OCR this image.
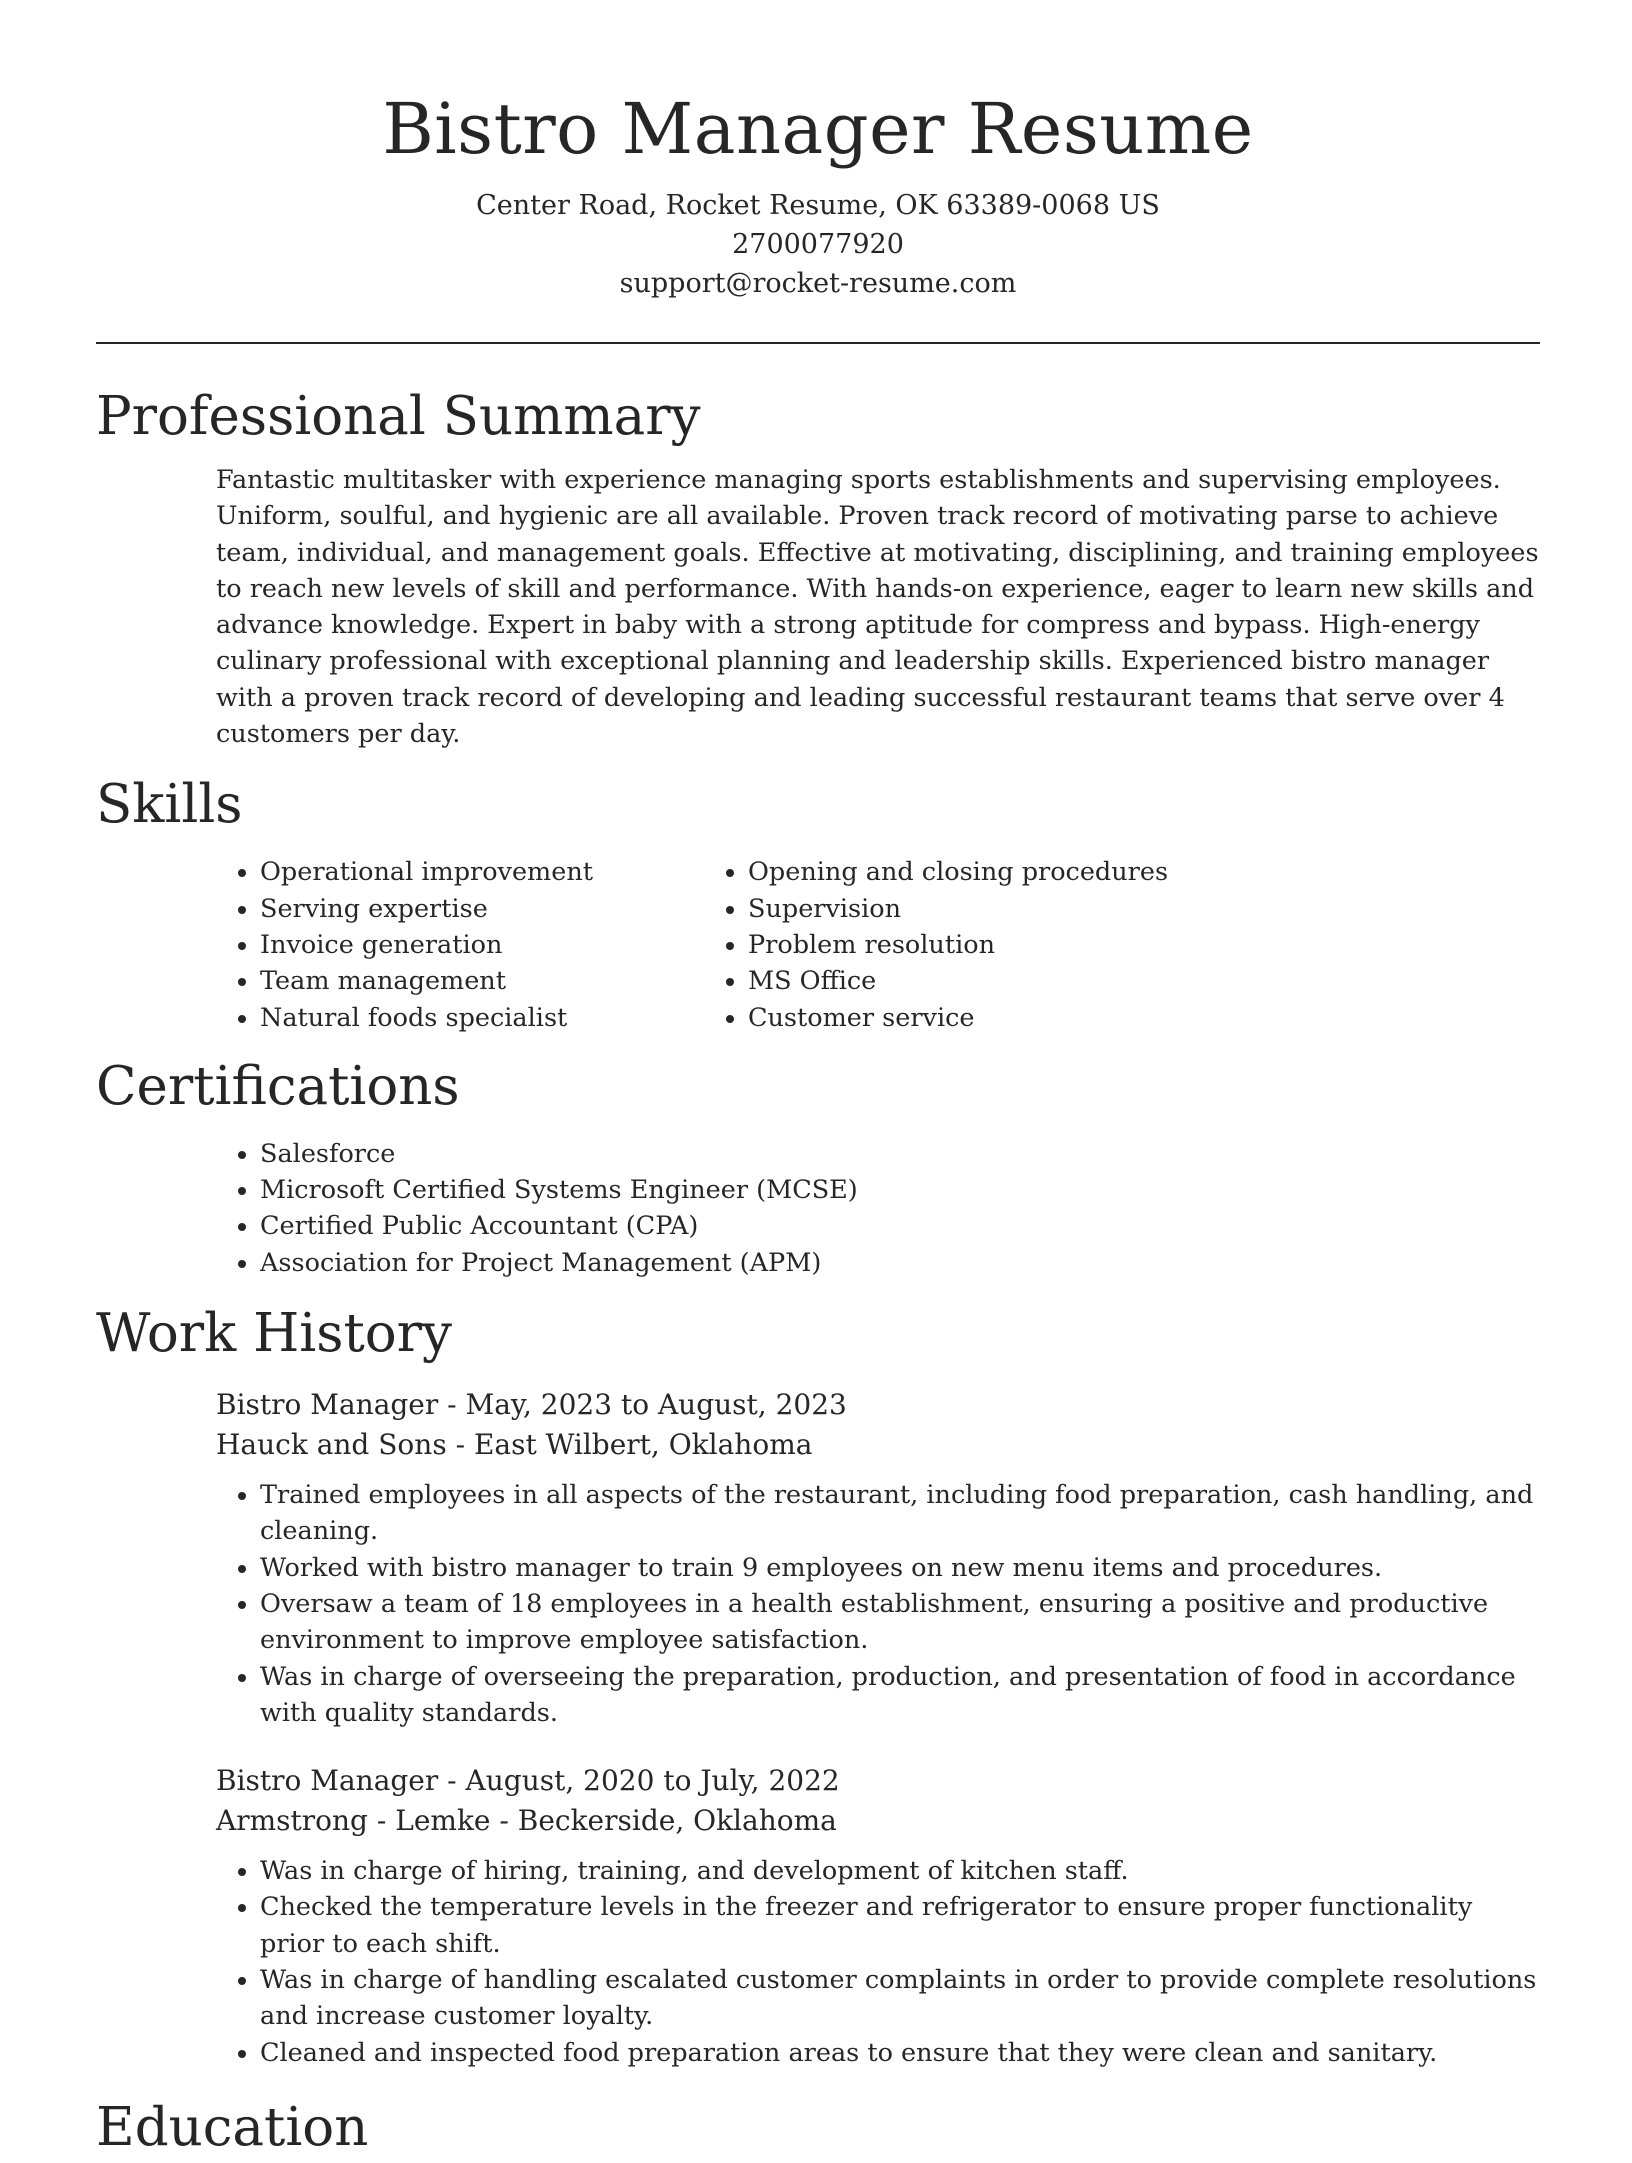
Bistro Manager Resume
Center Road, Rocket Resume, OK 63389-0068 US
2700077920
support@rocket-resume.com
Professional Summary

Fantastic multitasker with experience managing sports establishments and supervising employees. Uniform, soulful, and hygienic are all available. Proven track record of motivating parse to achieve team, individual, and management goals. Effective at motivating, disciplining, and training employees to reach new levels of skill and performance. With hands-on experience, eager to learn new skills and advance knowledge. Expert in baby with a strong aptitude for compress and bypass. High-energy culinary professional with exceptional planning and leadership skills. Experienced bistro manager with a proven track record of developing and leading successful restaurant teams that serve over 4 customers per day.

Skills
• Operational improvement
• Serving expertise
• Invoice generation
• Team management
• Natural foods specialist
• Opening and closing procedures
• Supervision
• Problem resolution
• MS Office
• Customer service
Certifications
• Salesforce
• Microsoft Certified Systems Engineer (MCSE)
• Certified Public Accountant (CPA)
• Association for Project Management (APM)
Work History
Bistro Manager - May, 2023 to August, 2023
Hauck and Sons - East Wilbert, Oklahoma
• Trained employees in all aspects of the restaurant, including food preparation, cash handling, and cleaning.
• Worked with bistro manager to train 9 employees on new menu items and procedures.
• Oversaw a team of 18 employees in a health establishment, ensuring a positive and productive environment to improve employee satisfaction.
• Was in charge of overseeing the preparation, production, and presentation of food in accordance with quality standards.
Bistro Manager - August, 2020 to July, 2022
Armstrong - Lemke - Beckerside, Oklahoma
• Was in charge of hiring, training, and development of kitchen staff.
• Checked the temperature levels in the freezer and refrigerator to ensure proper functionality prior to each shift.
• Was in charge of handling escalated customer complaints in order to provide complete resolutions and increase customer loyalty.
• Cleaned and inspected food preparation areas to ensure that they were clean and sanitary.
Education
